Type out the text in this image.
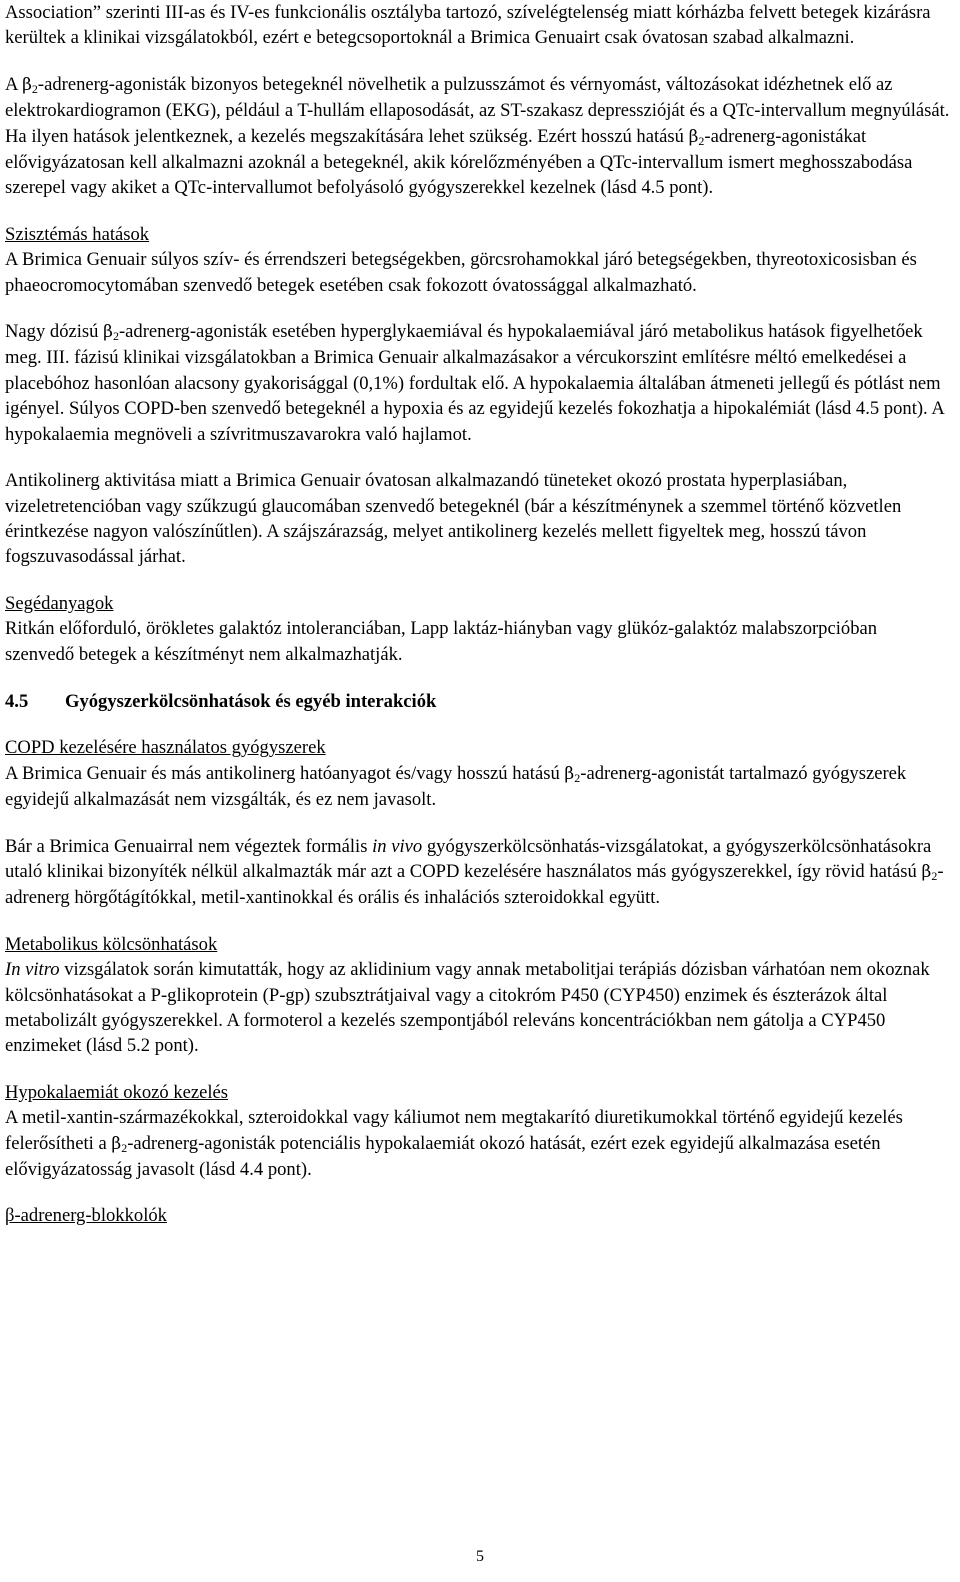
Association” szerinti III-as és IV-es funkcionális osztályba tartozó, szívelégtelenség miatt kórházba felvett betegek kizárásra kerültek a klinikai vizsgálatokból, ezért e betegcsoportoknál a Brimica Genuairt csak óvatosan szabad alkalmazni.

A $\beta_2-adrenerg$-agonisták bizonyos betegeknél növelhetik a pulzusszámot és vérnyomást, változásokat idézhetnek elő az elektrokardiogramon (EKG), például a T-hullám ellaposodását, az ST-szakasz depresszióját és a QTc-intervallum megnyúlását. Ha ilyen hatások jelentkeznek, a kezelés megszakítására lehet szükség. Ezért hosszú hatású $\beta_2-adrenerg$-agonistákat elővigyázatosan kell alkalmazni azoknál a betegeknél, akik kórelőzményében a QTc-intervallum ismert meghosszabodása szerepel vagy akiket a QTc-intervallumot befolyásoló gyógyszerekkel kezelnek (lásd 4.5 pont).

Szisztémás hatások

A Brimica Genuair súlyos szív- és érrendszeri betegségekben, görcsrohamokkal járó betegségekben, thyreotoxicosisban és phaeocromocytomában szenvedő betegek esetében csak fokozott óvatossággal alkalmazható.

Nagy dózisú $\beta_2-adrenerg$-agonisták esetében hyperglykaemiával és hypokalaemiával járó metabolikus hatások figyelhetőek meg. III. fázisú klinikai vizsgálatokban a Brimica Genuair alkalmazásakor a vércukorszint említésre méltó emelkedései a placebóhoz hasonlóan alacsony gyakorisággal (0,1%) fordultak elő. A hypokalaemia általában átmeneti jellegű és pótlást nem igényel. Súlyos COPD-ben szenvedő betegeknél a hypoxia és az egyidejű kezelés fokozhatja a hipokalémiát (lásd 4.5 pont). A hypokalaemia megnöveli a szívritmuszavarokra való hajlamot.

Antikolinerg aktivitása miatt a Brimica Genuair óvatosan alkalmazandó tüneteket okozó prostata hyperplasiában, vizeletretencióban vagy szűkzugú glaucomában szenvedő betegeknél (bár a készítménynek a szemmel történő közvetlen érintkezése nagyon valószínűtlen). A szájszárazság, melyet antikolinerg kezelés mellett figyeltek meg, hosszú távon fogszuvasodással járhat.

Segédanyagok

Ritkán előforduló, örökletes galaktóz intoleranciában, Lapp laktáz-hiányban vagy glükóz-galaktóz malabszorpcióban szenvedő betegek a készítményt nem alkalmazhatják.

4.5 Gyógyszerkölcsönhatások és egyéb interakciók

COPD kezelésére használatos gyógyszerek

A Brimica Genuair és más antikolinerg hatóanyagot és/vagy hosszú hatású $\beta_2-adrenerg$-agonistát tartalmazó gyógyszerek egyidejű alkalmazását nem vizsgálták, és ez nem javasolt.

Bár a Brimica Genuairral nem végeztek formális in vivo gyógyszerkölcsönhatás-vizsgálatokat, a gyógyszerkölcsönhatásokra utaló klinikai bizonyíték nélkül alkalmazták már azt a COPD kezelésére használatos más gyógyszerekkel, így rövid hatású $\beta_2$-adrenerg hörgőtágítókkal, metil-xantinokkal és orális és inhalációs szteroidokkal együtt.

Metabolikus kölcsönhatások

In vitro vizsgálatok során kimutatták, hogy az aklidinium vagy annak metabolitjai terápiás dózisban várhatóan nem okoznak kölcsönhatásokat a P-glikoprotein (P-gp) szubsztrátjaival vagy a citokróm P450 (CYP450) enzimek és észterázok által metabolizált gyógyszerekkel. A formoterol a kezelés szempontjából releváns koncentrációkban nem gátolja a CYP450 enzimeket (lásd 5.2 pont).

Hypokalaemiát okozó kezelés

A metil-xantin-származékokkal, szteroidokkal vagy káliumot nem megtakarító diuretikumokkal történő egyidejű kezelés felerősítheti a $\beta_2-adrenerg$-agonisták potenciális hypokalaemiát okozó hatását, ezért ezek egyidejű alkalmazása esetén elővigyázatosság javasolt (lásd 4.4 pont).

β-adrenerg-blokkolók

5
